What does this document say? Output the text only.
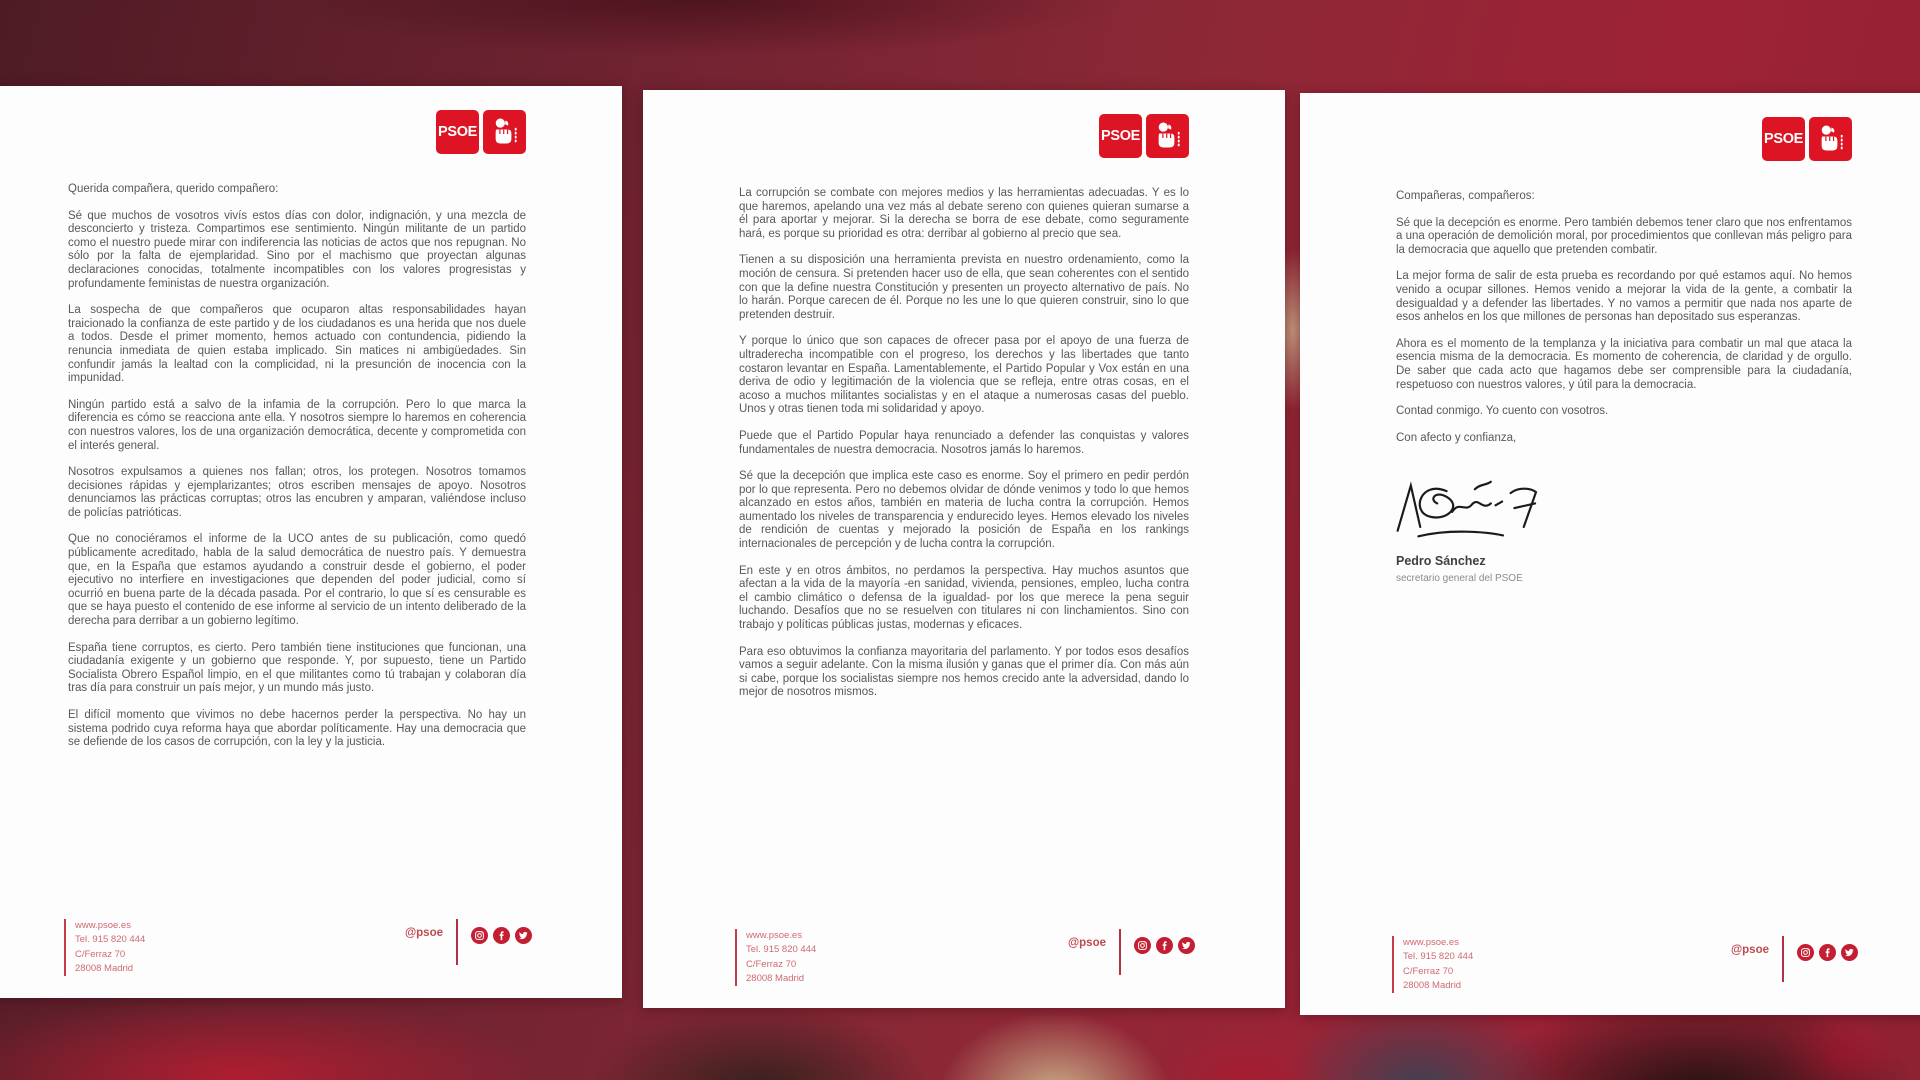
PSOE

Querida compañera, querido compañero:

Sé que muchos de vosotros vivís estos días con dolor, indignación, y una mezcla de desconcierto y tristeza. Compartimos ese sentimiento. Ningún militante de un partido como el nuestro puede mirar con indiferencia las noticias de actos que nos repugnan. No sólo por la falta de ejemplaridad. Sino por el machismo que proyectan algunas declaraciones conocidas, totalmente incompatibles con los valores progresistas y profundamente feministas de nuestra organización.

La sospecha de que compañeros que ocuparon altas responsabilidades hayan traicionado la confianza de este partido y de los ciudadanos es una herida que nos duele a todos. Desde el primer momento, hemos actuado con contundencia, pidiendo la renuncia inmediata de quien estaba implicado. Sin matices ni ambigüedades. Sin confundir jamás la lealtad con la complicidad, ni la presunción de inocencia con la impunidad.

Ningún partido está a salvo de la infamia de la corrupción. Pero lo que marca la diferencia es cómo se reacciona ante ella. Y nosotros siempre lo haremos en coherencia con nuestros valores, los de una organización democrática, decente y comprometida con el interés general.

Nosotros expulsamos a quienes nos fallan; otros, los protegen. Nosotros tomamos decisiones rápidas y ejemplarizantes; otros escriben mensajes de apoyo. Nosotros denunciamos las prácticas corruptas; otros las encubren y amparan, valiéndose incluso de policías patrióticas.

Que no conociéramos el informe de la UCO antes de su publicación, como quedó públicamente acreditado, habla de la salud democrática de nuestro país. Y demuestra que, en la España que estamos ayudando a construir desde el gobierno, el poder ejecutivo no interfiere en investigaciones que dependen del poder judicial, como sí ocurrió en buena parte de la década pasada. Por el contrario, lo que sí es censurable es que se haya puesto el contenido de ese informe al servicio de un intento deliberado de la derecha para derribar a un gobierno legítimo.

España tiene corruptos, es cierto. Pero también tiene instituciones que funcionan, una ciudadanía exigente y un gobierno que responde. Y, por supuesto, tiene un Partido Socialista Obrero Español limpio, en el que militantes como tú trabajan y colaboran día tras día para construir un país mejor, y un mundo más justo.

El difícil momento que vivimos no debe hacernos perder la perspectiva. No hay un sistema podrido cuya reforma haya que abordar políticamente. Hay una democracia que se defiende de los casos de corrupción, con la ley y la justicia.

www.psoe.es
Tel. 915 820 444
C/Ferraz 70
28008 Madrid
@psoe
PSOE

La corrupción se combate con mejores medios y las herramientas adecuadas. Y es lo que haremos, apelando una vez más al debate sereno con quienes quieran sumarse a él para aportar y mejorar. Si la derecha se borra de ese debate, como seguramente hará, es porque su prioridad es otra: derribar al gobierno al precio que sea.

Tienen a su disposición una herramienta prevista en nuestro ordenamiento, como la moción de censura. Si pretenden hacer uso de ella, que sean coherentes con el sentido con que la define nuestra Constitución y presenten un proyecto alternativo de país. No lo harán. Porque carecen de él. Porque no les une lo que quieren construir, sino lo que pretenden destruir.

Y porque lo único que son capaces de ofrecer pasa por el apoyo de una fuerza de ultraderecha incompatible con el progreso, los derechos y las libertades que tanto costaron levantar en España. Lamentablemente, el Partido Popular y Vox están en una deriva de odio y legitimación de la violencia que se refleja, entre otras cosas, en el acoso a muchos militantes socialistas y en el ataque a numerosas casas del pueblo. Unos y otras tienen toda mi solidaridad y apoyo.

Puede que el Partido Popular haya renunciado a defender las conquistas y valores fundamentales de nuestra democracia. Nosotros jamás lo haremos.

Sé que la decepción que implica este caso es enorme. Soy el primero en pedir perdón por lo que representa. Pero no debemos olvidar de dónde venimos y todo lo que hemos alcanzado en estos años, también en materia de lucha contra la corrupción. Hemos aumentado los niveles de transparencia y endurecido leyes. Hemos elevado los niveles de rendición de cuentas y mejorado la posición de España en los rankings internacionales de percepción y de lucha contra la corrupción.

En este y en otros ámbitos, no perdamos la perspectiva. Hay muchos asuntos que afectan a la vida de la mayoría -en sanidad, vivienda, pensiones, empleo, lucha contra el cambio climático o defensa de la igualdad- por los que merece la pena seguir luchando. Desafíos que no se resuelven con titulares ni con linchamientos. Sino con trabajo y políticas públicas justas, modernas y eficaces.

Para eso obtuvimos la confianza mayoritaria del parlamento. Y por todos esos desafíos vamos a seguir adelante. Con la misma ilusión y ganas que el primer día. Con más aún si cabe, porque los socialistas siempre nos hemos crecido ante la adversidad, dando lo mejor de nosotros mismos.

www.psoe.es
Tel. 915 820 444
C/Ferraz 70
28008 Madrid
@psoe
PSOE

Compañeras, compañeros:

Sé que la decepción es enorme. Pero también debemos tener claro que nos enfrentamos a una operación de demolición moral, por procedimientos que conllevan más peligro para la democracia que aquello que pretenden combatir.

La mejor forma de salir de esta prueba es recordando por qué estamos aquí. No hemos venido a ocupar sillones. Hemos venido a mejorar la vida de la gente, a combatir la desigualdad y a defender las libertades. Y no vamos a permitir que nada nos aparte de esos anhelos en los que millones de personas han depositado sus esperanzas.

Ahora es el momento de la templanza y la iniciativa para combatir un mal que ataca la esencia misma de la democracia. Es momento de coherencia, de claridad y de orgullo. De saber que cada acto que hagamos debe ser comprensible para la ciudadanía, respetuoso con nuestros valores, y útil para la democracia.

Contad conmigo. Yo cuento con vosotros.

Con afecto y confianza,

Pedro Sánchez
secretario general del PSOE
www.psoe.es
Tel. 915 820 444
C/Ferraz 70
28008 Madrid
@psoe
